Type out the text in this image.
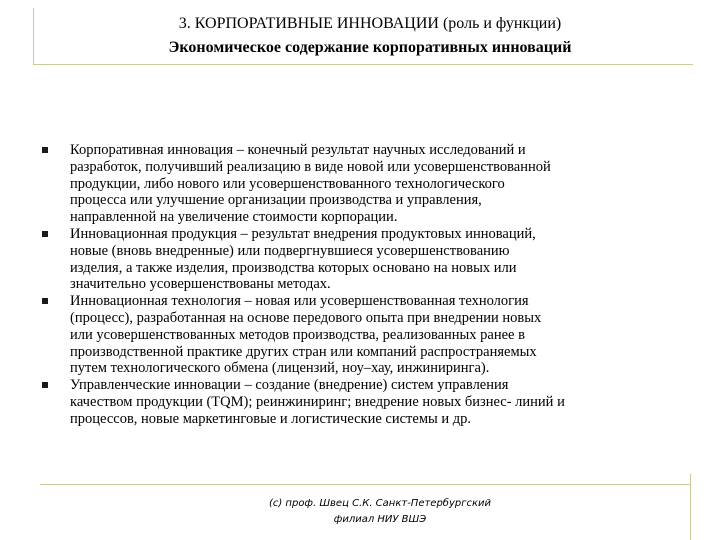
3. КОРПОРАТИВНЫЕ ИННОВАЦИИ (роль и функции)
Экономическое содержание корпоративных инноваций
Корпоративная инновация – конечный результат научных исследований и
разработок, получивший реализацию в виде новой или усовершенствованной
продукции, либо нового или усовершенствованного технологического
процесса или улучшение организации производства и управления,
направленной на увеличение стоимости корпорации.
Инновационная продукция – результат внедрения продуктовых инноваций,
новые (вновь внедренные) или подвергнувшиеся усовершенствованию
изделия, а также изделия, производства которых основано на новых или
значительно усовершенствованы методах.
Инновационная технология – новая или усовершенствованная технология
(процесс), разработанная на основе передового опыта при внедрении новых
или усовершенствованных методов производства, реализованных ранее в
производственной практике других стран или компаний распространяемых
путем технологического обмена (лицензий, ноу–хау, инжиниринга).
Управленческие инновации – создание (внедрение) систем управления
качеством продукции (TQM); реинжиниринг; внедрение новых бизнес- линий и
процессов, новые маркетинговые и логистические системы и др.
(с) проф. Швец С.К. Санкт-Петербургский
филиал НИУ ВШЭ
